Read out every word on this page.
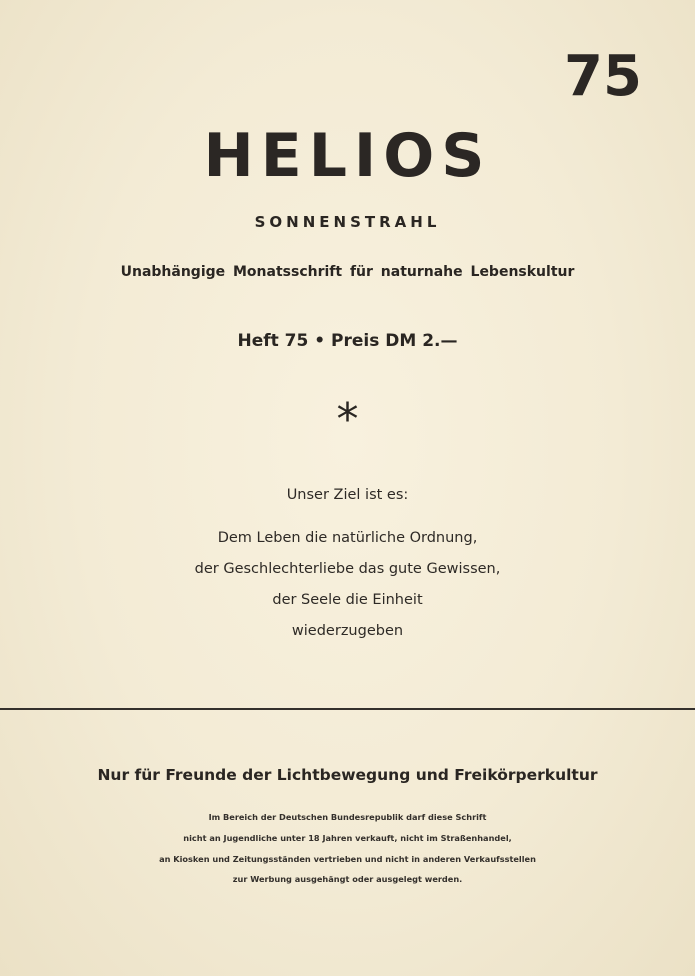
75
HELIOS
SONNENSTRAHL
Unabhängige Monatsschrift für naturnahe Lebenskultur
Heft 75 • Preis DM 2.—
*
Unser Ziel ist es:
Dem Leben die natürliche Ordnung,
der Geschlechterliebe das gute Gewissen,
der Seele die Einheit
wiederzugeben
Nur für Freunde der Lichtbewegung und Freikörperkultur
Im Bereich der Deutschen Bundesrepublik darf diese Schrift
nicht an Jugendliche unter 18 Jahren verkauft, nicht im Straßenhandel,
an Kiosken und Zeitungsständen vertrieben und nicht in anderen Verkaufsstellen
zur Werbung ausgehängt oder ausgelegt werden.
